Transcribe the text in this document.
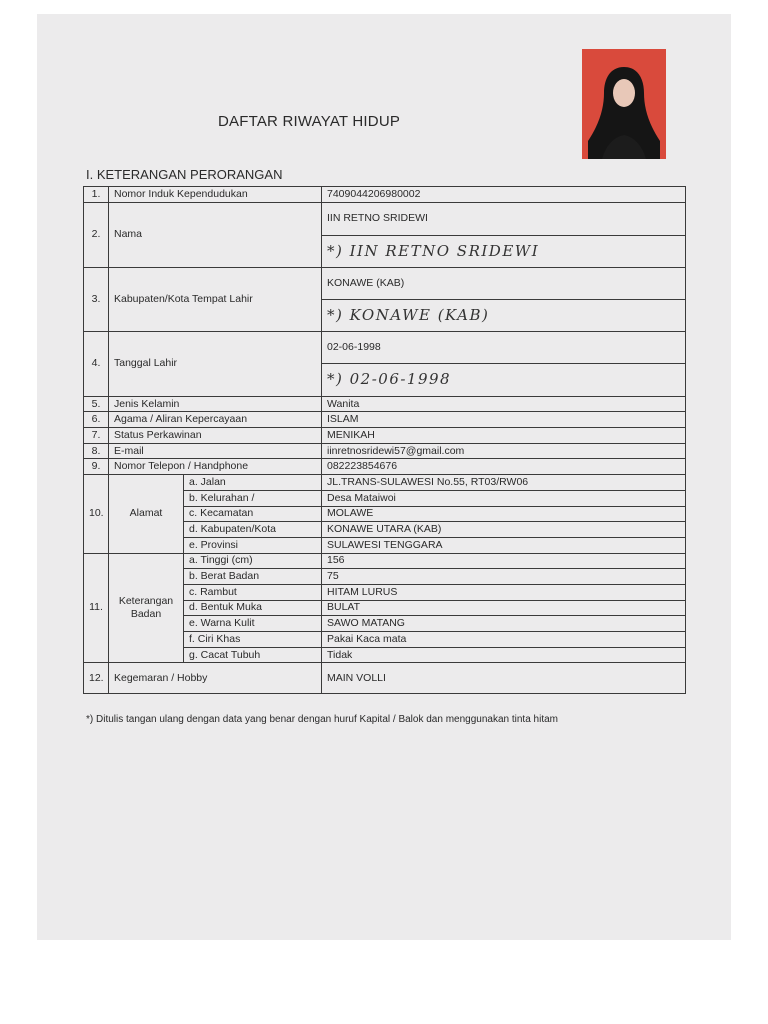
DAFTAR RIWAYAT HIDUP
I. KETERANGAN PERORANGAN
1.	Nomor Induk Kependudukan		7409044206980002
2.	Nama		IIN RETNO SRIDEWI
			*) IIN RETNO SRIDEWI
3.	Kabupaten/Kota Tempat Lahir		KONAWE (KAB)
			*) KONAWE (KAB)
4.	Tanggal Lahir		02-06-1998
			*) 02-06-1998
5.	Jenis Kelamin		Wanita
6.	Agama / Aliran Kepercayaan		ISLAM
7.	Status Perkawinan		MENIKAH
8.	E-mail		iinretnosridewi57@gmail.com
9.	Nomor Telepon / Handphone		082223854676
10.	Alamat	a. Jalan	JL.TRANS-SULAWESI No.55, RT03/RW06
		b. Kelurahan /	Desa Mataiwoi
		c. Kecamatan	MOLAWE
		d. Kabupaten/Kota	KONAWE UTARA (KAB)
		e. Provinsi	SULAWESI TENGGARA
11.	Keterangan Badan	a. Tinggi (cm)	156
		b. Berat Badan	75
		c. Rambut	HITAM LURUS
		d. Bentuk Muka	BULAT
		e. Warna Kulit	SAWO MATANG
		f. Ciri Khas	Pakai Kaca mata
		g. Cacat Tubuh	Tidak
12.	Kegemaran / Hobby		MAIN VOLLI
*) Ditulis tangan ulang dengan data yang benar dengan huruf Kapital / Balok dan menggunakan tinta hitam
